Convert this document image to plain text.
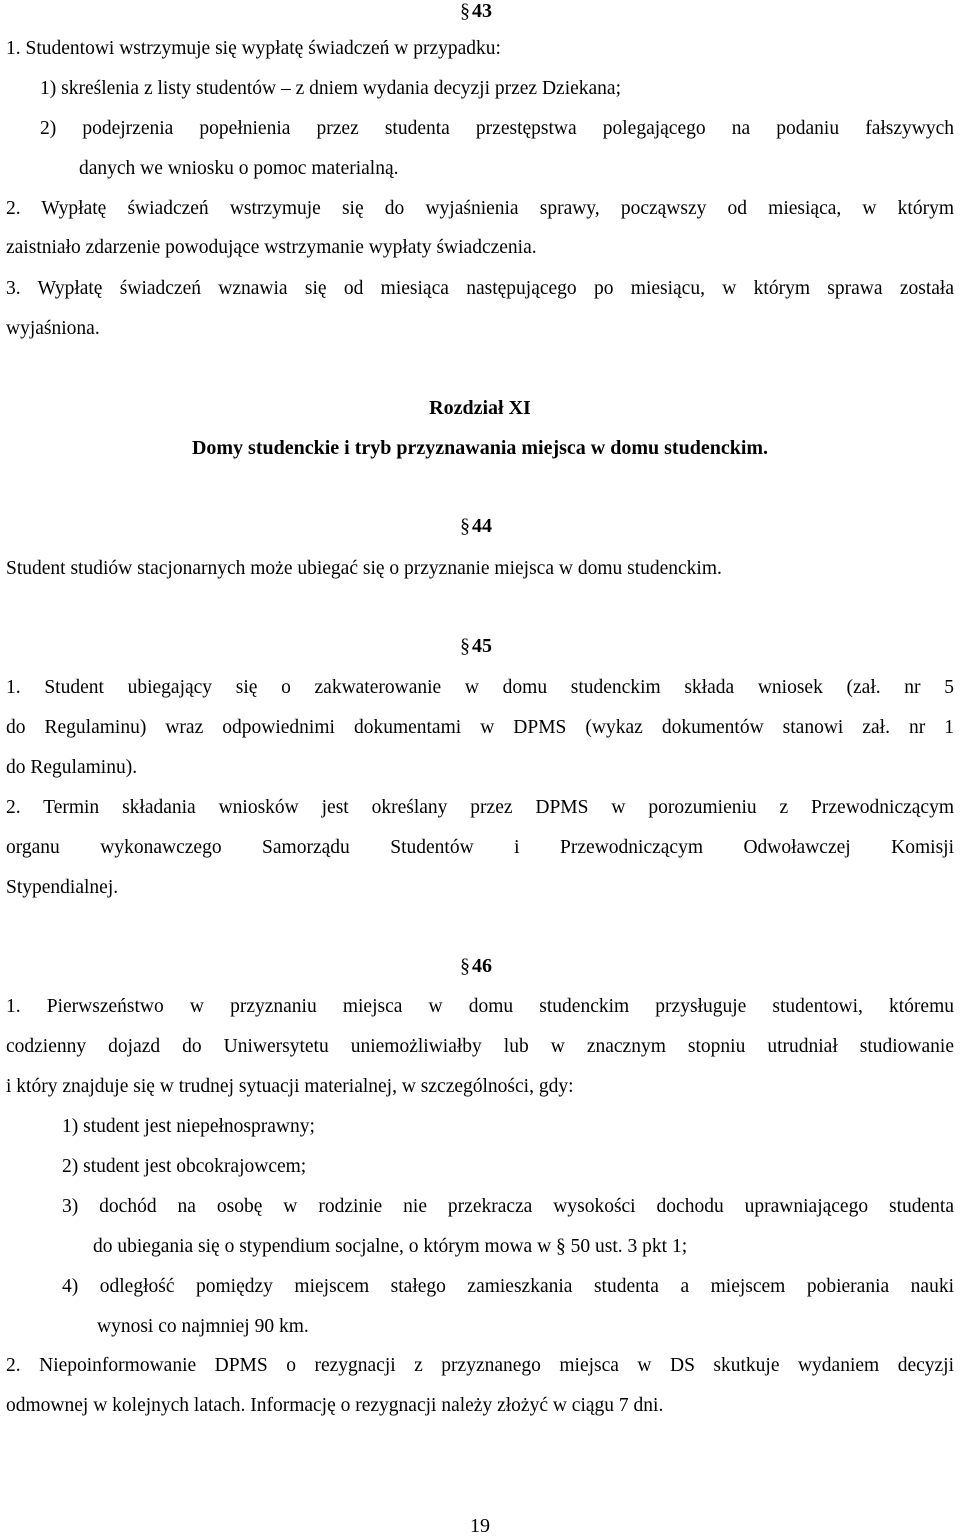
§ 43
1. Studentowi wstrzymuje się wypłatę świadczeń w przypadku:
1) skreślenia z listy studentów – z dniem wydania decyzji przez Dziekana;
2) podejrzenia popełnienia przez studenta przestępstwa polegającego na podaniu fałszywych
danych we wniosku o pomoc materialną.
2. Wypłatę świadczeń wstrzymuje się do wyjaśnienia sprawy, począwszy od miesiąca, w którym
zaistniało zdarzenie powodujące wstrzymanie wypłaty świadczenia.
3. Wypłatę świadczeń wznawia się od miesiąca następującego po miesiącu, w którym sprawa została
wyjaśniona.
Rozdział XI
Domy studenckie i tryb przyznawania miejsca w domu studenckim.
§ 44
Student studiów stacjonarnych może ubiegać się o przyznanie miejsca w domu studenckim.
§ 45
1. Student ubiegający się o zakwaterowanie w domu studenckim składa wniosek (zał. nr 5
do Regulaminu) wraz odpowiednimi dokumentami w DPMS (wykaz dokumentów stanowi zał. nr 1
do Regulaminu).
2. Termin składania wniosków jest określany przez DPMS w porozumieniu z Przewodniczącym
organu wykonawczego Samorządu Studentów i Przewodniczącym Odwoławczej Komisji
Stypendialnej.
§ 46
1. Pierwszeństwo w przyznaniu miejsca w domu studenckim przysługuje studentowi, któremu
codzienny dojazd do Uniwersytetu uniemożliwiałby lub w znacznym stopniu utrudniał studiowanie
i który znajduje się w trudnej sytuacji materialnej, w szczególności, gdy:
1) student jest niepełnosprawny;
2) student jest obcokrajowcem;
3) dochód na osobę w rodzinie nie przekracza wysokości dochodu uprawniającego studenta
do ubiegania się o stypendium socjalne, o którym mowa w § 50 ust. 3 pkt 1;
4) odległość pomiędzy miejscem stałego zamieszkania studenta a miejscem pobierania nauki
wynosi co najmniej 90 km.
2. Niepoinformowanie DPMS o rezygnacji z przyznanego miejsca w DS skutkuje wydaniem decyzji
odmownej w kolejnych latach. Informację o rezygnacji należy złożyć w ciągu 7 dni.
19
